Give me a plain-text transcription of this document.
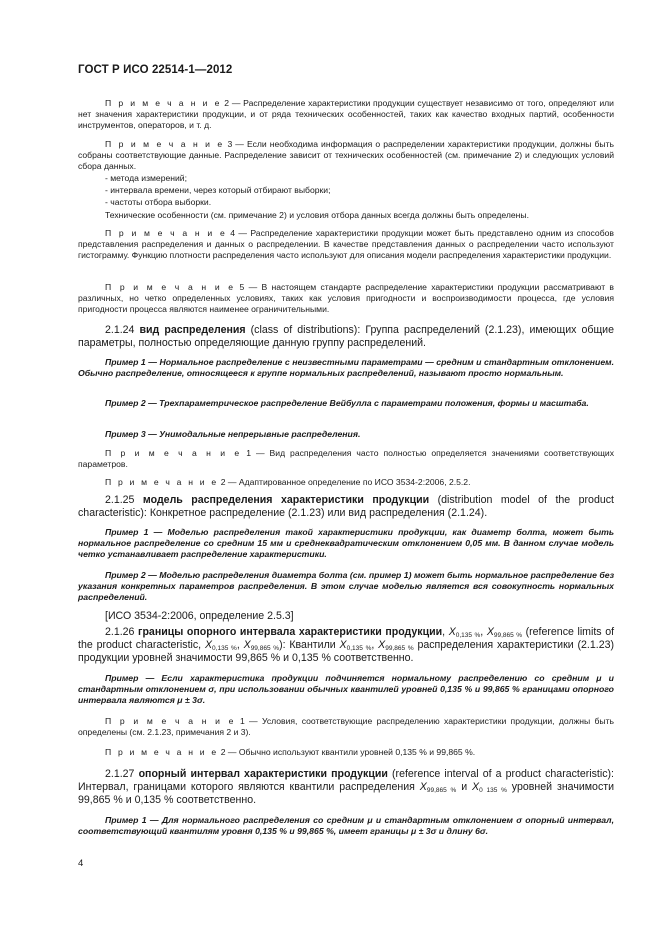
ГОСТ Р ИСО 22514-1—2012
П р и м е ч а н и е 2 — Распределение характеристики продукции существует независимо от того, определяют или нет значения характеристики продукции, и от ряда технических особенностей, таких как качество входных партий, особенности инструментов, операторов, и т. д.
П р и м е ч а н и е 3 — Если необходима информация о распределении характеристики продукции, должны быть собраны соответствующие данные. Распределение зависит от технических особенностей (см. примечание 2) и следующих условий сбора данных.
- метода измерений;
- интервала времени, через который отбирают выборки;
- частоты отбора выборки.
Технические особенности (см. примечание 2) и условия отбора данных всегда должны быть определены.
П р и м е ч а н и е 4 — Распределение характеристики продукции может быть представлено одним из способов представления распределения и данных о распределении. В качестве представления данных о распределении часто используют гистограмму. Функцию плотности распределения часто используют для описания модели распределения характеристики продукции.
П р и м е ч а н и е 5 — В настоящем стандарте распределение характеристики продукции рассматривают в различных, но четко определенных условиях, таких как условия пригодности и воспроизводимости процесса, где условия пригодности процесса являются наименее ограничительными.
2.1.24 вид распределения (class of distributions): Группа распределений (2.1.23), имеющих общие параметры, полностью определяющие данную группу распределений.
Пример 1 — Нормальное распределение с неизвестными параметрами — средним и стандартным отклонением. Обычно распределение, относящееся к группе нормальных распределений, называют просто нормальным.
Пример 2 — Трехпараметрическое распределение Вейбулла с параметрами положения, формы и масштаба.
Пример 3 — Унимодальные непрерывные распределения.
П р и м е ч а н и е 1 — Вид распределения часто полностью определяется значениями соответствующих параметров.
П р и м е ч а н и е 2 — Адаптированное определение по ИСО 3534-2:2006, 2.5.2.
2.1.25 модель распределения характеристики продукции (distribution model of the product characteristic): Конкретное распределение (2.1.23) или вид распределения (2.1.24).
Пример 1 — Моделью распределения такой характеристики продукции, как диаметр болта, может быть нормальное распределение со средним 15 мм и среднеквадратическим отклонением 0,05 мм. В данном случае модель четко устанавливает распределение характеристики.
Пример 2 — Моделью распределения диаметра болта (см. пример 1) может быть нормальное распределение без указания конкретных параметров распределения. В этом случае моделью является вся совокупность нормальных распределений.
[ИСО 3534-2:2006, определение 2.5.3]
2.1.26 границы опорного интервала характеристики продукции, $X_{0,135 \%}$, $X_{99,865 \%}$ (reference limits of the product characteristic, $X_{0,135 \%}$, $X_{99,865 \%}$): Квантили $X_{0,135 \%}$, $X_{99,865 \%}$ распределения характеристики (2.1.23) продукции уровней значимости 99,865 % и 0,135 % соответственно.
Пример — Если характеристика продукции подчиняется нормальному распределению со средним μ и стандартным отклонением σ, при использовании обычных квантилей уровней 0,135 % и 99,865 % границами опорного интервала являются μ ± 3σ.
П р и м е ч а н и е 1 — Условия, соответствующие распределению характеристики продукции, должны быть определены (см. 2.1.23, примечания 2 и 3).
П р и м е ч а н и е 2 — Обычно используют квантили уровней 0,135 % и 99,865 %.
2.1.27 опорный интервал характеристики продукции (reference interval of a product characteristic): Интервал, границами которого являются квантили распределения $X_{99,865 \%}$ и $X_{0 135 \%}$ уровней значимости 99,865 % и 0,135 % соответственно.
Пример 1 — Для нормального распределения со средним μ и стандартным отклонением σ опорный интервал, соответствующий квантилям уровня 0,135 % и 99,865 %, имеет границы μ ± 3σ и длину 6σ.
4
